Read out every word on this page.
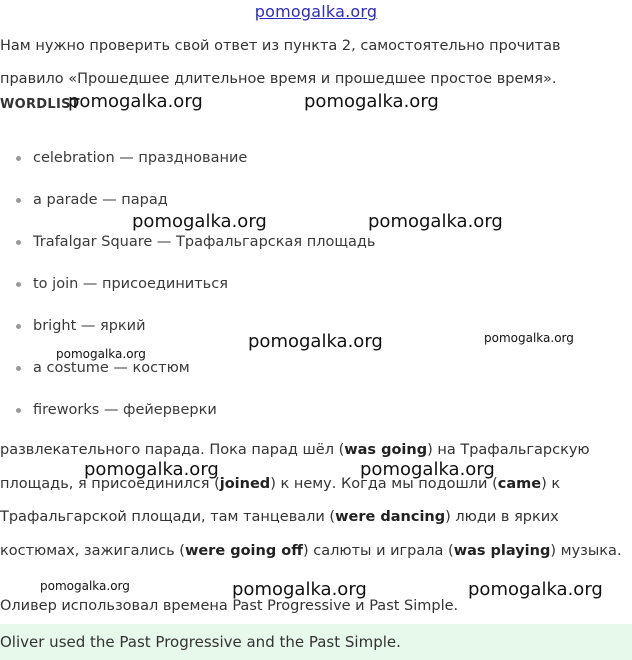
pomogalka.org
Нам нужно проверить свой ответ из пункта 2, самостоятельно прочитав
правило «Прошедшее длительное время и прошедшее простое время».
WORDLIST
celebration — празднование
a parade — парад
Trafalgar Square — Трафальгарская площадь
to join — присоединиться
bright — яркий
a costume — костюм
fireworks — фейерверки
развлекательного парада. Пока парад шёл (was going) на Трафальгарскую
площадь, я присоединился (joined) к нему. Когда мы подошли (came) к
Трафальгарской площади, там танцевали (were dancing) люди в ярких
костюмах, зажигались (were going off) салюты и играла (was playing) музыка.
Оливер использовал времена Past Progressive и Past Simple.
Oliver used the Past Progressive and the Past Simple.
pomogalka.org	pomogalka.org
pomogalka.org	pomogalka.org
pomogalka.org	pomogalka.org
pomogalka.org
pomogalka.org	pomogalka.org
pomogalka.org	pomogalka.org	pomogalka.org
